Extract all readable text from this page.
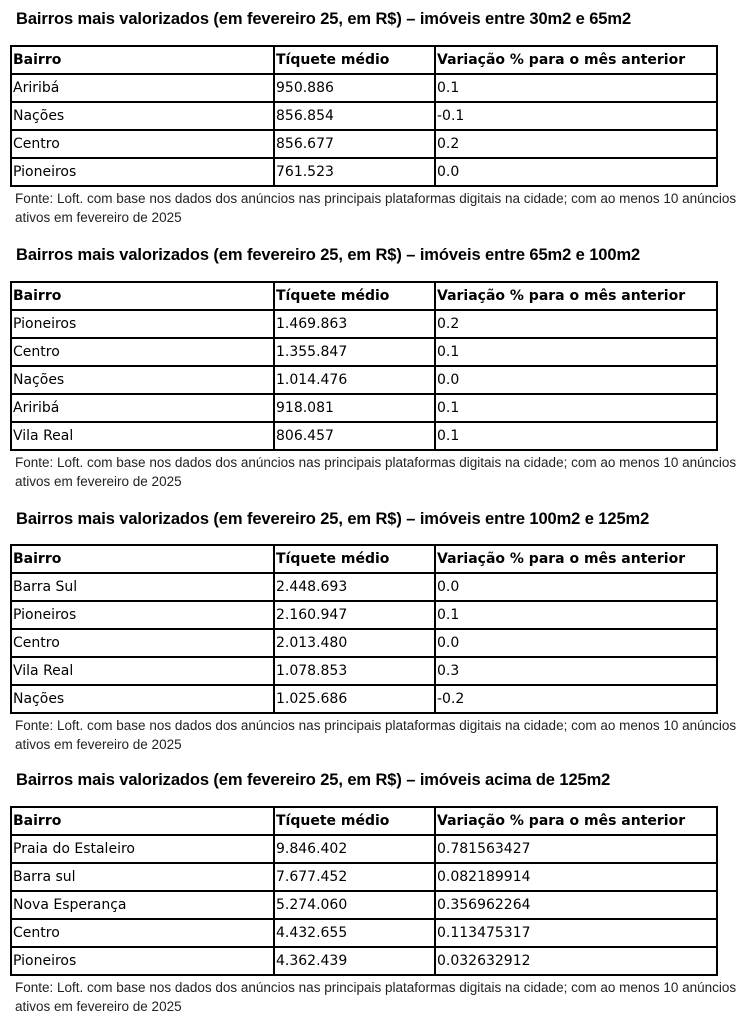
Bairros mais valorizados (em fevereiro 25, em R$) – imóveis entre 30m2 e 65m2
Bairro	Tíquete médio	Variação % para o mês anterior
Ariribá	950.886	0.1
Nações	856.854	-0.1
Centro	856.677	0.2
Pioneiros	761.523	0.0
Fonte: Loft. com base nos dados dos anúncios nas principais plataformas digitais na cidade; com ao menos 10 anúncios ativos em fevereiro de 2025
Bairros mais valorizados (em fevereiro 25, em R$) – imóveis entre 65m2 e 100m2
Bairro	Tíquete médio	Variação % para o mês anterior
Pioneiros	1.469.863	0.2
Centro	1.355.847	0.1
Nações	1.014.476	0.0
Ariribá	918.081	0.1
Vila Real	806.457	0.1
Fonte: Loft. com base nos dados dos anúncios nas principais plataformas digitais na cidade; com ao menos 10 anúncios ativos em fevereiro de 2025
Bairros mais valorizados (em fevereiro 25, em R$) – imóveis entre 100m2 e 125m2
Bairro	Tíquete médio	Variação % para o mês anterior
Barra Sul	2.448.693	0.0
Pioneiros	2.160.947	0.1
Centro	2.013.480	0.0
Vila Real	1.078.853	0.3
Nações	1.025.686	-0.2
Fonte: Loft. com base nos dados dos anúncios nas principais plataformas digitais na cidade; com ao menos 10 anúncios ativos em fevereiro de 2025
Bairros mais valorizados (em fevereiro 25, em R$) – imóveis acima de 125m2
Bairro	Tíquete médio	Variação % para o mês anterior
Praia do Estaleiro	9.846.402	0.781563427
Barra sul	7.677.452	0.082189914
Nova Esperança	5.274.060	0.356962264
Centro	4.432.655	0.113475317
Pioneiros	4.362.439	0.032632912
Fonte: Loft. com base nos dados dos anúncios nas principais plataformas digitais na cidade; com ao menos 10 anúncios ativos em fevereiro de 2025
